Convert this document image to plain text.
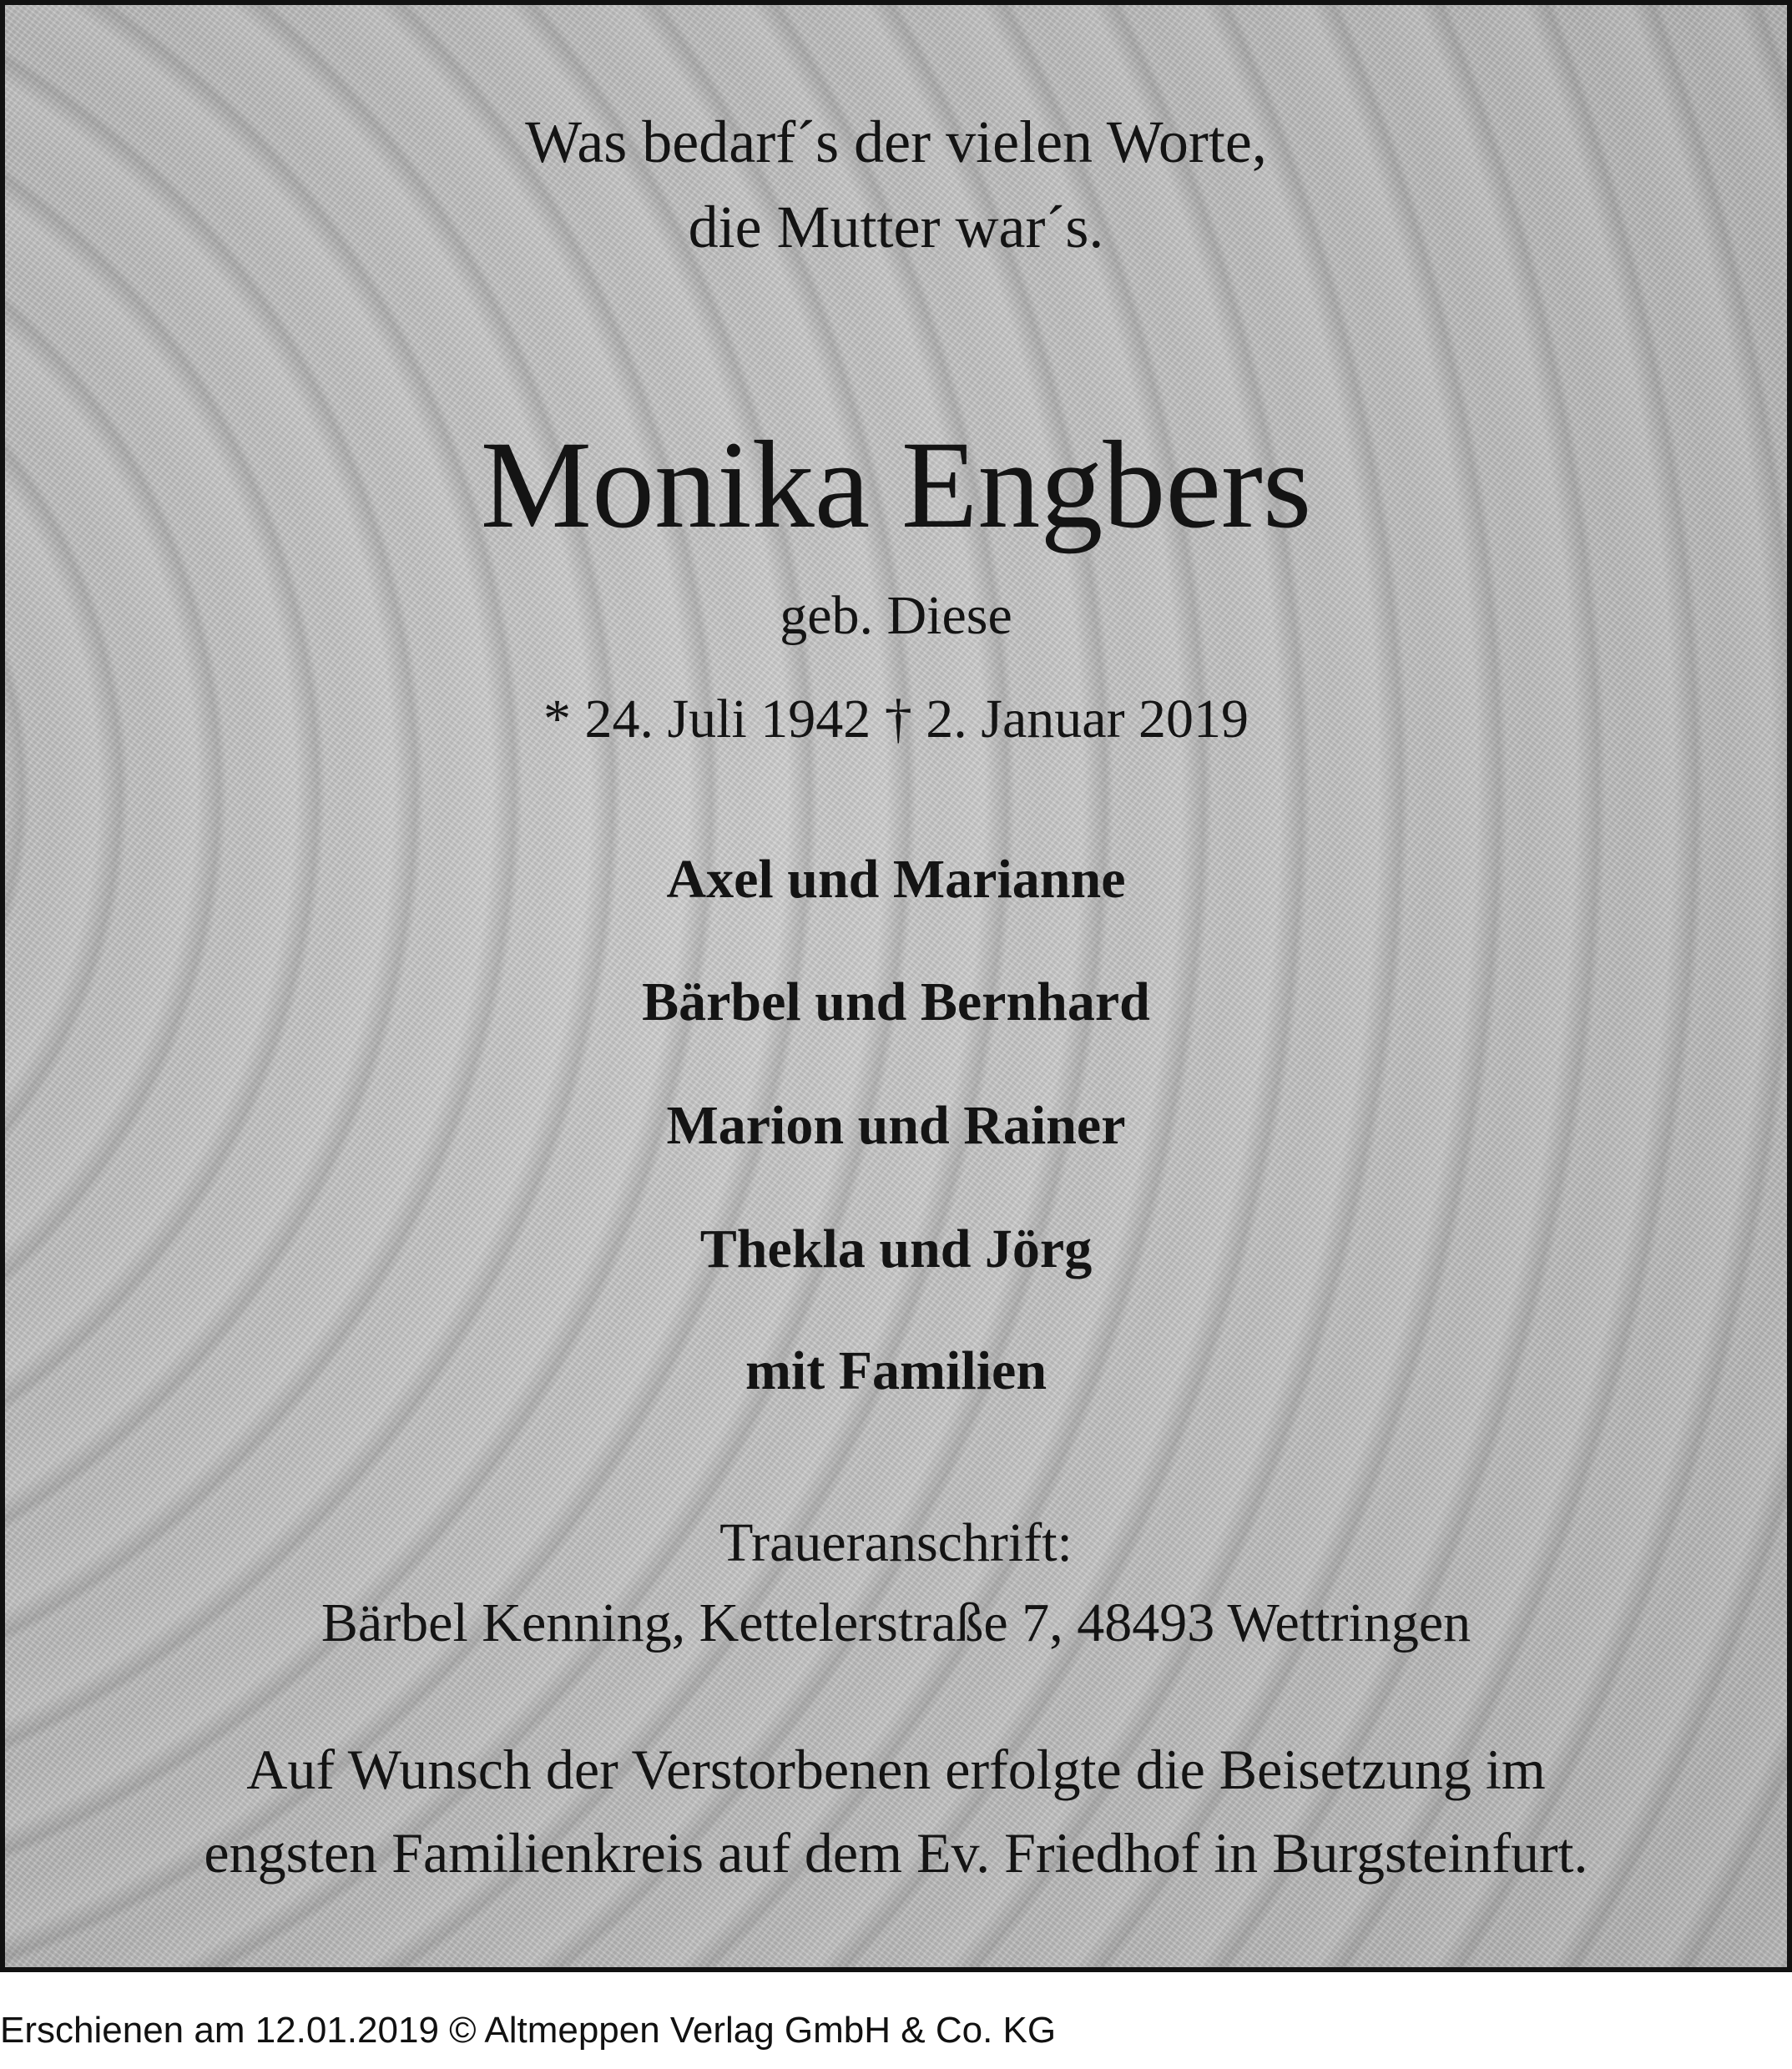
Was bedarf´s der vielen Worte,

die Mutter war´s.

Monika Engbers

geb. Diese

* 24. Juli 1942 † 2. Januar 2019

Axel und Marianne

Bärbel und Bernhard

Marion und Rainer

Thekla und Jörg

mit Familien

Traueranschrift:

Bärbel Kenning, Kettelerstraße 7, 48493 Wettringen

Auf Wunsch der Verstorbenen erfolgte die Beisetzung im

engsten Familienkreis auf dem Ev. Friedhof in Burgsteinfurt.

Erschienen am 12.01.2019 © Altmeppen Verlag GmbH & Co. KG
